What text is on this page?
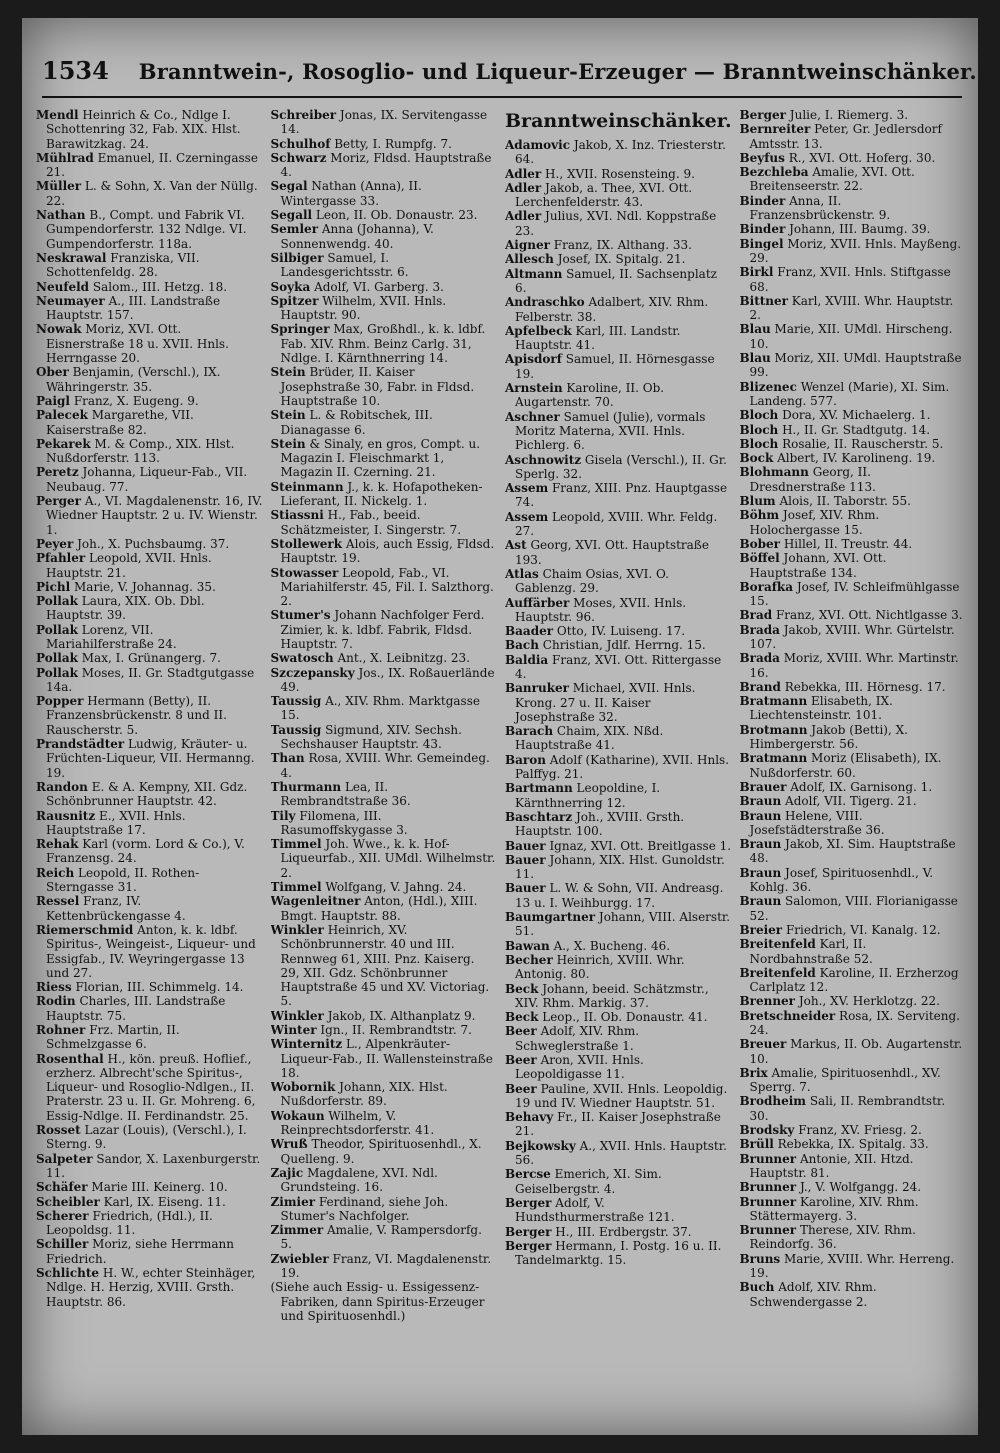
1534 Branntwein-, Rosoglio- und Liqueur-Erzeuger — Branntweinschänker.

Mendl Heinrich & Co., Ndlge I. Schottenring 32, Fab. XIX. Hlst. Barawitzkag. 24.

Mühlrad Emanuel, II. Czerningasse 21.

Müller L. & Sohn, X. Van der Nüllg. 22.

Nathan B., Compt. und Fabrik VI. Gumpendorferstr. 132 Ndlge. VI. Gumpendorferstr. 118a.

Neskrawal Franziska, VII. Schottenfeldg. 28.

Neufeld Salom., III. Hetzg. 18.

Neumayer A., III. Landstraße Hauptstr. 157.

Nowak Moriz, XVI. Ott. Eisnerstraße 18 u. XVII. Hnls. Herrngasse 20.

Ober Benjamin, (Verschl.), IX. Währingerstr. 35.

Paigl Franz, X. Eugeng. 9.

Palecek Margarethe, VII. Kaiserstraße 82.

Pekarek M. & Comp., XIX. Hlst. Nußdorferstr. 113.

Peretz Johanna, Liqueur-Fab., VII. Neubaug. 77.

Perger A., VI. Magdalenenstr. 16, IV. Wiedner Hauptstr. 2 u. IV. Wienstr. 1.

Peyer Joh., X. Puchsbaumg. 37.

Pfahler Leopold, XVII. Hnls. Hauptstr. 21.

Pichl Marie, V. Johannag. 35.

Pollak Laura, XIX. Ob. Dbl. Hauptstr. 39.

Pollak Lorenz, VII. Mariahilferstraße 24.

Pollak Max, I. Grünangerg. 7.

Pollak Moses, II. Gr. Stadtgutgasse 14a.

Popper Hermann (Betty), II. Franzensbrückenstr. 8 und II. Rauscherstr. 5.

Prandstädter Ludwig, Kräuter- u. Früchten-Liqueur, VII. Hermanng. 19.

Randon E. & A. Kempny, XII. Gdz. Schönbrunner Hauptstr. 42.

Rausnitz E., XVII. Hnls. Hauptstraße 17.

Rehak Karl (vorm. Lord & Co.), V. Franzensg. 24.

Reich Leopold, II. Rothen-Sterngasse 31.

Ressel Franz, IV. Kettenbrückengasse 4.

Riemerschmid Anton, k. k. ldbf. Spiritus-, Weingeist-, Liqueur- und Essigfab., IV. Weyringergasse 13 und 27.

Riess Florian, III. Schimmelg. 14.

Rodin Charles, III. Landstraße Hauptstr. 75.

Rohner Frz. Martin, II. Schmelzgasse 6.

Rosenthal H., kön. preuß. Hoflief., erzherz. Albrecht'sche Spiritus-, Liqueur- und Rosoglio-Ndlgen., II. Praterstr. 23 u. II. Gr. Mohreng. 6, Essig-Ndlge. II. Ferdinandstr. 25.

Rosset Lazar (Louis), (Verschl.), I. Sterng. 9.

Salpeter Sandor, X. Laxenburgerstr. 11.

Schäfer Marie III. Keinerg. 10.

Scheibler Karl, IX. Eiseng. 11.

Scherer Friedrich, (Hdl.), II. Leopoldsg. 11.

Schiller Moriz, siehe Herrmann Friedrich.

Schlichte H. W., echter Steinhäger, Ndlge. H. Herzig, XVIII. Grsth. Hauptstr. 86.

Schreiber Jonas, IX. Servitengasse 14.

Schulhof Betty, I. Rumpfg. 7.

Schwarz Moriz, Fldsd. Hauptstraße 4.

Segal Nathan (Anna), II. Wintergasse 33.

Segall Leon, II. Ob. Donaustr. 23.

Semler Anna (Johanna), V. Sonnenwendg. 40.

Silbiger Samuel, I. Landesgerichtsstr. 6.

Soyka Adolf, VI. Garberg. 3.

Spitzer Wilhelm, XVII. Hnls. Hauptstr. 90.

Springer Max, Großhdl., k. k. ldbf. Fab. XIV. Rhm. Beinz Carlg. 31, Ndlge. I. Kärnthnerring 14.

Stein Brüder, II. Kaiser Josephstraße 30, Fabr. in Fldsd. Hauptstraße 10.

Stein L. & Robitschek, III. Dianagasse 6.

Stein & Sinaly, en gros, Compt. u. Magazin I. Fleischmarkt 1, Magazin II. Czerning. 21.

Steinmann J., k. k. Hofapotheken-Lieferant, II. Nickelg. 1.

Stiassni H., Fab., beeid. Schätzmeister, I. Singerstr. 7.

Stollewerk Alois, auch Essig, Fldsd. Hauptstr. 19.

Stowasser Leopold, Fab., VI. Mariahilferstr. 45, Fil. I. Salzthorg. 2.

Stumer's Johann Nachfolger Ferd. Zimier, k. k. ldbf. Fabrik, Fldsd. Hauptstr. 7.

Swatosch Ant., X. Leibnitzg. 23.

Szczepansky Jos., IX. Roßauerlände 49.

Taussig A., XIV. Rhm. Marktgasse 15.

Taussig Sigmund, XIV. Sechsh. Sechshauser Hauptstr. 43.

Than Rosa, XVIII. Whr. Gemeindeg. 4.

Thurmann Lea, II. Rembrandtstraße 36.

Tily Filomena, III. Rasumoffskygasse 3.

Timmel Joh. Wwe., k. k. Hof-Liqueurfab., XII. UMdl. Wilhelmstr. 2.

Timmel Wolfgang, V. Jahng. 24.

Wagenleitner Anton, (Hdl.), XIII. Bmgt. Hauptstr. 88.

Winkler Heinrich, XV. Schönbrunnerstr. 40 und III. Rennweg 61, XIII. Pnz. Kaiserg. 29, XII. Gdz. Schönbrunner Hauptstraße 45 und XV. Victoriag. 5.

Winkler Jakob, IX. Althanplatz 9.

Winter Ign., II. Rembrandtstr. 7.

Winternitz L., Alpenkräuter-Liqueur-Fab., II. Wallensteinstraße 18.

Wobornik Johann, XIX. Hlst. Nußdorferstr. 89.

Wokaun Wilhelm, V. Reinprechtsdorferstr. 41.

Wruß Theodor, Spirituosenhdl., X. Quelleng. 9.

Zajic Magdalene, XVI. Ndl. Grundsteing. 16.

Zimier Ferdinand, siehe Joh. Stumer's Nachfolger.

Zimmer Amalie, V. Rampersdorfg. 5.

Zwiebler Franz, VI. Magdalenenstr. 19.

(Siehe auch Essig- u. Essigessenz-Fabriken, dann Spiritus-Erzeuger und Spirituosenhdl.)

Branntweinschänker.

Adamovic Jakob, X. Inz. Triesterstr. 64.

Adler H., XVII. Rosensteing. 9.

Adler Jakob, a. Thee, XVI. Ott. Lerchenfelderstr. 43.

Adler Julius, XVI. Ndl. Koppstraße 23.

Aigner Franz, IX. Althang. 33.

Allesch Josef, IX. Spitalg. 21.

Altmann Samuel, II. Sachsenplatz 6.

Andraschko Adalbert, XIV. Rhm. Felberstr. 38.

Apfelbeck Karl, III. Landstr. Hauptstr. 41.

Apisdorf Samuel, II. Hörnesgasse 19.

Arnstein Karoline, II. Ob. Augartenstr. 70.

Aschner Samuel (Julie), vormals Moritz Materna, XVII. Hnls. Pichlerg. 6.

Aschnowitz Gisela (Verschl.), II. Gr. Sperlg. 32.

Assem Franz, XIII. Pnz. Hauptgasse 74.

Assem Leopold, XVIII. Whr. Feldg. 27.

Ast Georg, XVI. Ott. Hauptstraße 193.

Atlas Chaim Osias, XVI. O. Gablenzg. 29.

Auffärber Moses, XVII. Hnls. Hauptstr. 96.

Baader Otto, IV. Luiseng. 17.

Bach Christian, Jdlf. Herrng. 15.

Baldia Franz, XVI. Ott. Rittergasse 4.

Banruker Michael, XVII. Hnls. Krong. 27 u. II. Kaiser Josephstraße 32.

Barach Chaim, XIX. Nßd. Hauptstraße 41.

Baron Adolf (Katharine), XVII. Hnls. Palffyg. 21.

Bartmann Leopoldine, I. Kärnthnerring 12.

Baschtarz Joh., XVIII. Grsth. Hauptstr. 100.

Bauer Ignaz, XVI. Ott. Breitlgasse 1.

Bauer Johann, XIX. Hlst. Gunoldstr. 11.

Bauer L. W. & Sohn, VII. Andreasg. 13 u. I. Weihburgg. 17.

Baumgartner Johann, VIII. Alserstr. 51.

Bawan A., X. Bucheng. 46.

Becher Heinrich, XVIII. Whr. Antonig. 80.

Beck Johann, beeid. Schätzmstr., XIV. Rhm. Markig. 37.

Beck Leop., II. Ob. Donaustr. 41.

Beer Adolf, XIV. Rhm. Schweglerstraße 1.

Beer Aron, XVII. Hnls. Leopoldigasse 11.

Beer Pauline, XVII. Hnls. Leopoldig. 19 und IV. Wiedner Hauptstr. 51.

Behavy Fr., II. Kaiser Josephstraße 21.

Bejkowsky A., XVII. Hnls. Hauptstr. 56.

Bercse Emerich, XI. Sim. Geiselbergstr. 4.

Berger Adolf, V. Hundsthurmerstraße 121.

Berger H., III. Erdbergstr. 37.

Berger Hermann, I. Postg. 16 u. II. Tandelmarktg. 15.

Berger Julie, I. Riemerg. 3.

Bernreiter Peter, Gr. Jedlersdorf Amtsstr. 13.

Beyfus R., XVI. Ott. Hoferg. 30.

Bezchleba Amalie, XVI. Ott. Breitenseerstr. 22.

Binder Anna, II. Franzensbrückenstr. 9.

Binder Johann, III. Baumg. 39.

Bingel Moriz, XVII. Hnls. Mayßeng. 29.

Birkl Franz, XVII. Hnls. Stiftgasse 68.

Bittner Karl, XVIII. Whr. Hauptstr. 2.

Blau Marie, XII. UMdl. Hirscheng. 10.

Blau Moriz, XII. UMdl. Hauptstraße 99.

Blizenec Wenzel (Marie), XI. Sim. Landeng. 577.

Bloch Dora, XV. Michaelerg. 1.

Bloch H., II. Gr. Stadtgutg. 14.

Bloch Rosalie, II. Rauscherstr. 5.

Bock Albert, IV. Karolineng. 19.

Blohmann Georg, II. Dresdnerstraße 113.

Blum Alois, II. Taborstr. 55.

Böhm Josef, XIV. Rhm. Holochergasse 15.

Bober Hillel, II. Treustr. 44.

Böffel Johann, XVI. Ott. Hauptstraße 134.

Borafka Josef, IV. Schleifmühlgasse 15.

Brad Franz, XVI. Ott. Nichtlgasse 3.

Brada Jakob, XVIII. Whr. Gürtelstr. 107.

Brada Moriz, XVIII. Whr. Martinstr. 16.

Brand Rebekka, III. Hörnesg. 17.

Bratmann Elisabeth, IX. Liechtensteinstr. 101.

Brotmann Jakob (Betti), X. Himbergerstr. 56.

Bratmann Moriz (Elisabeth), IX. Nußdorferstr. 60.

Brauer Adolf, IX. Garnisong. 1.

Braun Adolf, VII. Tigerg. 21.

Braun Helene, VIII. Josefstädterstraße 36.

Braun Jakob, XI. Sim. Hauptstraße 48.

Braun Josef, Spirituosenhdl., V. Kohlg. 36.

Braun Salomon, VIII. Florianigasse 52.

Breier Friedrich, VI. Kanalg. 12.

Breitenfeld Karl, II. Nordbahnstraße 52.

Breitenfeld Karoline, II. Erzherzog Carlplatz 12.

Brenner Joh., XV. Herklotzg. 22.

Bretschneider Rosa, IX. Serviteng. 24.

Breuer Markus, II. Ob. Augartenstr. 10.

Brix Amalie, Spirituosenhdl., XV. Sperrg. 7.

Brodheim Sali, II. Rembrandtstr. 30.

Brodsky Franz, XV. Friesg. 2.

Brüll Rebekka, IX. Spitalg. 33.

Brunner Antonie, XII. Htzd. Hauptstr. 81.

Brunner J., V. Wolfgangg. 24.

Brunner Karoline, XIV. Rhm. Stättermayerg. 3.

Brunner Therese, XIV. Rhm. Reindorfg. 36.

Bruns Marie, XVIII. Whr. Herreng. 19.

Buch Adolf, XIV. Rhm. Schwendergasse 2.
